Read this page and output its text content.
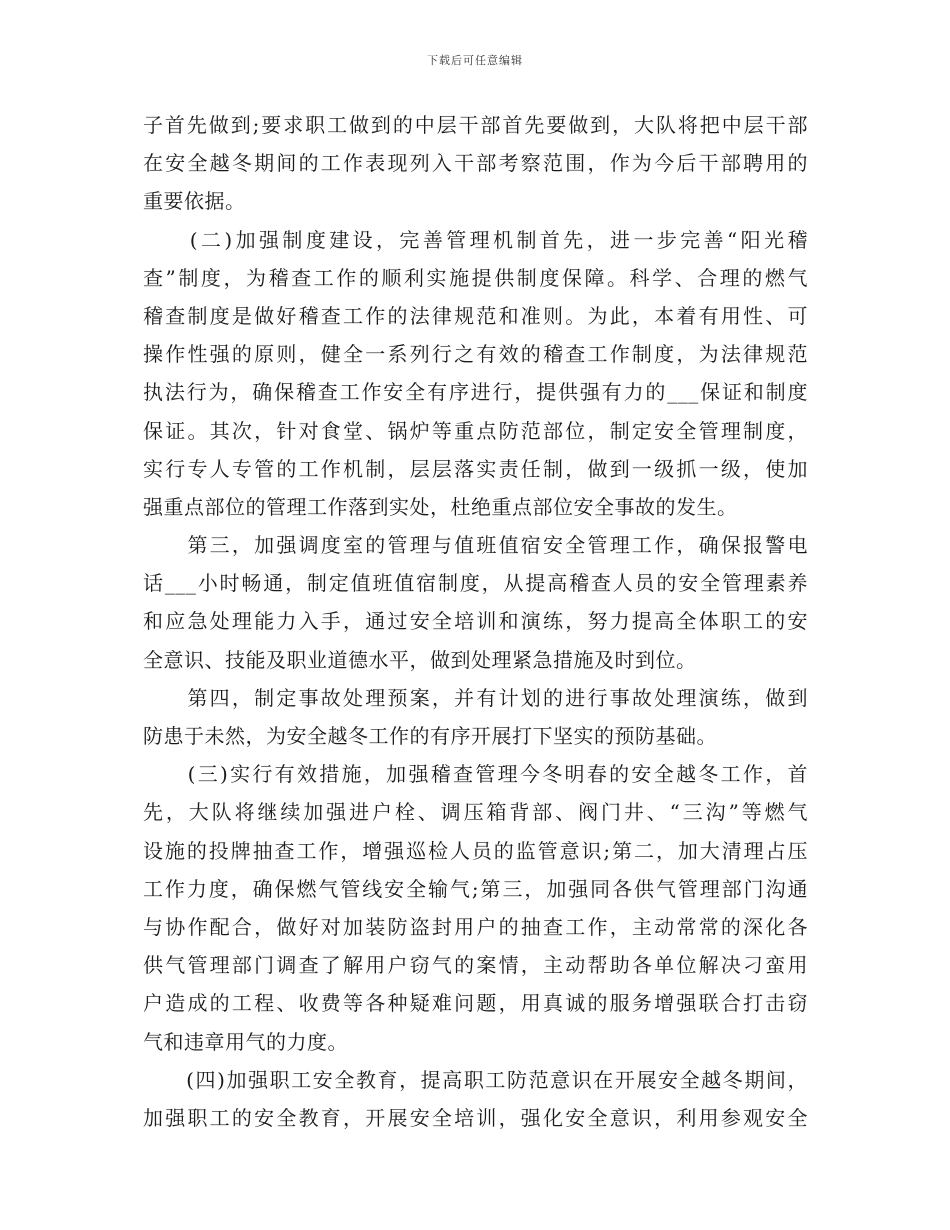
下载后可任意编辑
子首先做到;要求职工做到的中层干部首先要做到，大队将把中层干部
在安全越冬期间的工作表现列入干部考察范围，作为今后干部聘用的
重要依据。
　　(二)加强制度建设，完善管理机制首先，进一步完善“阳光稽
查”制度，为稽查工作的顺利实施提供制度保障。科学、合理的燃气
稽查制度是做好稽查工作的法律规范和准则。为此，本着有用性、可
操作性强的原则，健全一系列行之有效的稽查工作制度，为法律规范
执法行为，确保稽查工作安全有序进行，提供强有力的___保证和制度
保证。其次，针对食堂、锅炉等重点防范部位，制定安全管理制度，
实行专人专管的工作机制，层层落实责任制，做到一级抓一级，使加
强重点部位的管理工作落到实处，杜绝重点部位安全事故的发生。
　　第三，加强调度室的管理与值班值宿安全管理工作，确保报警电
话___小时畅通，制定值班值宿制度，从提高稽查人员的安全管理素养
和应急处理能力入手，通过安全培训和演练，努力提高全体职工的安
全意识、技能及职业道德水平，做到处理紧急措施及时到位。
　　第四，制定事故处理预案，并有计划的进行事故处理演练，做到
防患于未然，为安全越冬工作的有序开展打下坚实的预防基础。
　　(三)实行有效措施，加强稽查管理今冬明春的安全越冬工作，首
先，大队将继续加强进户栓、调压箱背部、阀门井、“三沟”等燃气
设施的投牌抽查工作，增强巡检人员的监管意识;第二，加大清理占压
工作力度，确保燃气管线安全输气;第三，加强同各供气管理部门沟通
与协作配合，做好对加装防盗封用户的抽查工作，主动常常的深化各
供气管理部门调查了解用户窃气的案情，主动帮助各单位解决刁蛮用
户造成的工程、收费等各种疑难问题，用真诚的服务增强联合打击窃
气和违章用气的力度。
　　(四)加强职工安全教育，提高职工防范意识在开展安全越冬期间，
加强职工的安全教育，开展安全培训，强化安全意识，利用参观安全
